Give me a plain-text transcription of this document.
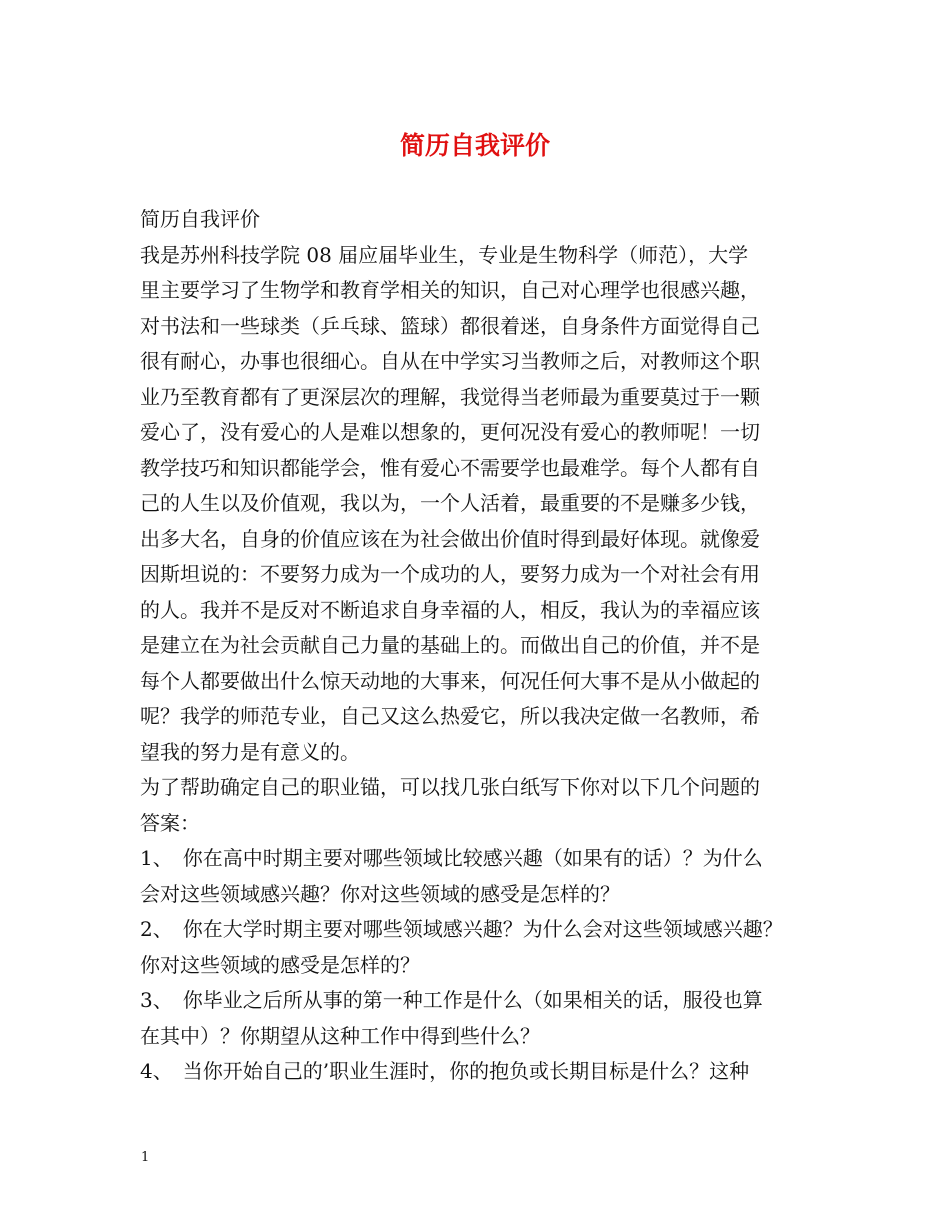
简历自我评价
简历自我评价
我是苏州科技学院 08 届应届毕业生，专业是生物科学（师范），大学
里主要学习了生物学和教育学相关的知识，自己对心理学也很感兴趣，
对书法和一些球类（乒乓球、篮球）都很着迷，自身条件方面觉得自己
很有耐心，办事也很细心。自从在中学实习当教师之后，对教师这个职
业乃至教育都有了更深层次的理解，我觉得当老师最为重要莫过于一颗
爱心了，没有爱心的人是难以想象的，更何况没有爱心的教师呢！一切
教学技巧和知识都能学会，惟有爱心不需要学也最难学。每个人都有自
己的人生以及价值观，我以为，一个人活着，最重要的不是赚多少钱，
出多大名，自身的价值应该在为社会做出价值时得到最好体现。就像爱
因斯坦说的：不要努力成为一个成功的人，要努力成为一个对社会有用
的人。我并不是反对不断追求自身幸福的人，相反，我认为的幸福应该
是建立在为社会贡献自己力量的基础上的。而做出自己的价值，并不是
每个人都要做出什么惊天动地的大事来，何况任何大事不是从小做起的
呢？我学的师范专业，自己又这么热爱它，所以我决定做一名教师，希
望我的努力是有意义的。
为了帮助确定自己的职业锚，可以找几张白纸写下你对以下几个问题的
答案：
1、　你在高中时期主要对哪些领域比较感兴趣（如果有的话）？为什么
会对这些领域感兴趣？你对这些领域的感受是怎样的？
2、　你在大学时期主要对哪些领域感兴趣？为什么会对这些领域感兴趣？
你对这些领域的感受是怎样的？
3、　你毕业之后所从事的第一种工作是什么（如果相关的话，服役也算
在其中）？你期望从这种工作中得到些什么？
4、　当你开始自己的’职业生涯时，你的抱负或长期目标是什么？这种
1
